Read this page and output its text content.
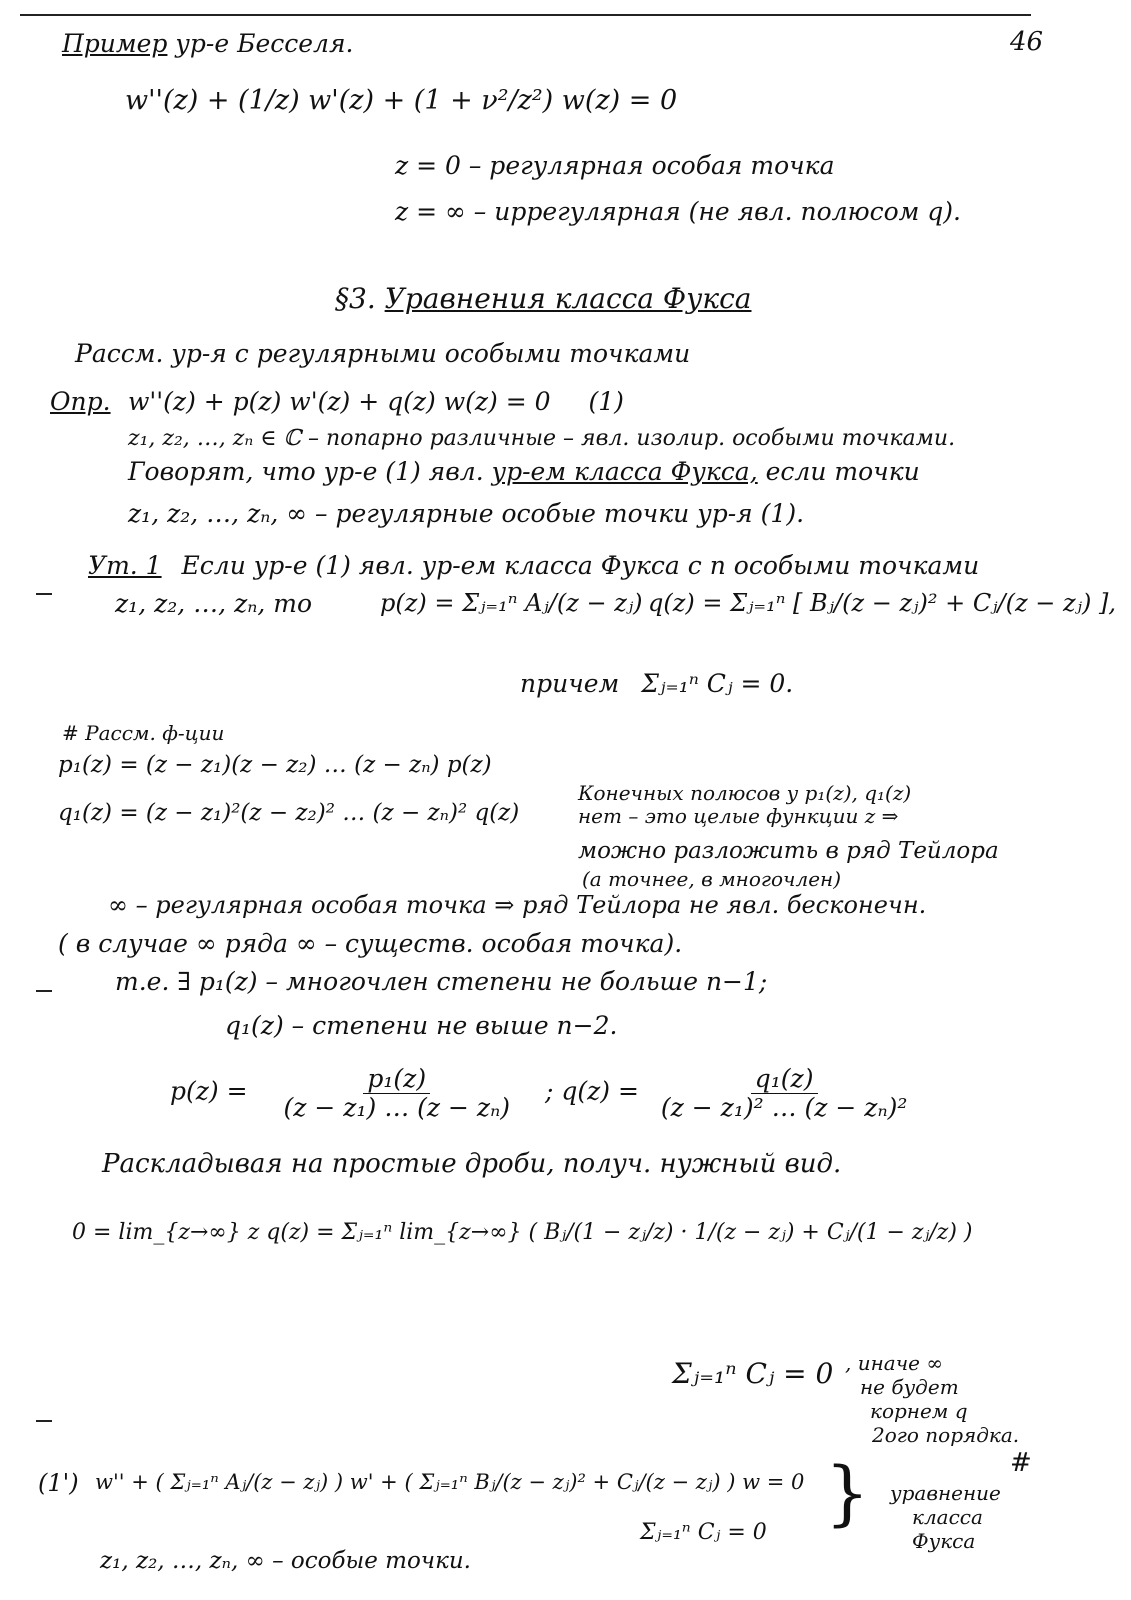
46
Пример ур-е Бесселя.
w''(z) + (1/z) w'(z) + (1 + ν²/z²) w(z) = 0
z = 0 – регулярная особая точка
z = ∞ – иррегулярная (не явл. полюсом q).
§3. Уравнения класса Фукса
Рассм. ур-я с регулярными особыми точками
Опр. w''(z) + p(z) w'(z) + q(z) w(z) = 0 (1)
z₁, z₂, …, zₙ ∈ ℂ – попарно различные – явл. изолир. особыми точками.
Говорят, что ур-е (1) явл. ур-ем класса Фукса, если точки
z₁, z₂, …, zₙ, ∞ – регулярные особые точки ур-я (1).
Ут. 1 Если ур-е (1) явл. ур-ем класса Фукса с n особыми точками
z₁, z₂, …, zₙ, то	p(z) = Σⱼ₌₁ⁿ Aⱼ/(z − zⱼ) q(z) = Σⱼ₌₁ⁿ [ Bⱼ/(z − zⱼ)² + Cⱼ/(z − zⱼ) ],
причем Σⱼ₌₁ⁿ Cⱼ = 0.
# Рассм. ф-ции
p₁(z) = (z − z₁)(z − z₂) … (z − zₙ) p(z)
q₁(z) = (z − z₁)²(z − z₂)² … (z − zₙ)² q(z)
Конечных полюсов у p₁(z), q₁(z)
нет – это целые функции z ⇒
можно разложить в ряд Тейлора
(а точнее, в многочлен)
∞ – регулярная особая точка ⇒ ряд Тейлора не явл. бесконечн.
( в случае ∞ ряда ∞ – существ. особая точка).
т.е. ∃ p₁(z) – многочлен степени не больше n−1;
q₁(z) – степени не выше n−2.
$p(z) = \frac{\text{p₁(z)}}{\text{(z − z₁) … (z − zₙ)}}$ ; $q(z) = \frac{\text{q₁(z)}}{\text{(z − z₁)² … (z − zₙ)²}}$
Раскладывая на простые дроби, получ. нужный вид.
0 = lim_{z→∞} z q(z) = Σⱼ₌₁ⁿ lim_{z→∞} ( Bⱼ/(1 − zⱼ/z) · 1/(z − zⱼ) + Cⱼ/(1 − zⱼ/z) )
Σⱼ₌₁ⁿ Cⱼ = 0 , иначе ∞
не будет
корнем q
2ого порядка.
#
(1') w'' + ( Σⱼ₌₁ⁿ Aⱼ/(z − zⱼ) ) w' + ( Σⱼ₌₁ⁿ Bⱼ/(z − zⱼ)² + Cⱼ/(z − zⱼ) ) w = 0
Σⱼ₌₁ⁿ Cⱼ = 0
z₁, z₂, …, zₙ, ∞ – особые точки.
} уравнение
класса
Фукса
